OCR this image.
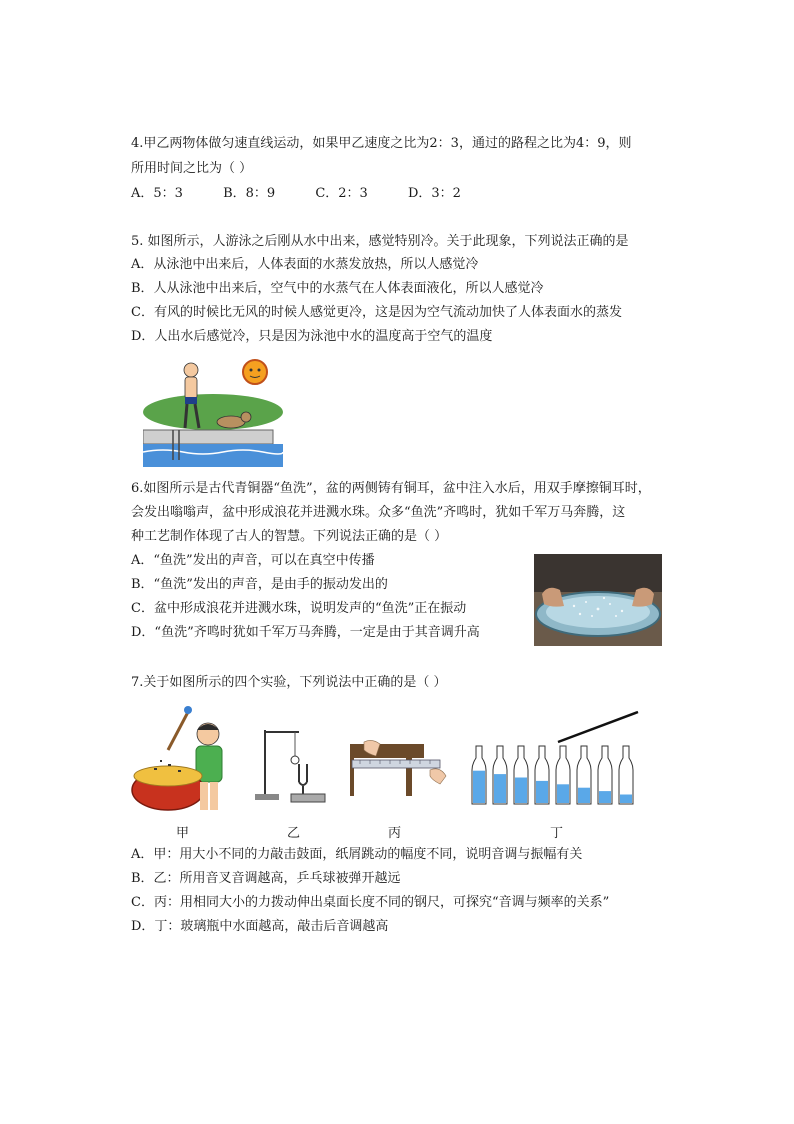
4.甲乙两物体做匀速直线运动，如果甲乙速度之比为2：3，通过的路程之比为4：9，则
所用时间之比为（ ）
A．5：3	B．8：9	C．2：3	D．3：2
5. 如图所示，人游泳之后刚从水中出来，感觉特别冷。关于此现象，下列说法正确的是
A．从泳池中出来后，人体表面的水蒸发放热，所以人感觉冷
B．人从泳池中出来后，空气中的水蒸气在人体表面液化，所以人感觉冷
C．有风的时候比无风的时候人感觉更冷，这是因为空气流动加快了人体表面水的蒸发
D．人出水后感觉冷，只是因为泳池中水的温度高于空气的温度
6.如图所示是古代青铜器“鱼洗”，盆的两侧铸有铜耳，盆中注入水后，用双手摩擦铜耳时，
会发出嗡嗡声，盆中形成浪花并进溅水珠。众多“鱼洗”齐鸣时，犹如千军万马奔腾，这
种工艺制作体现了古人的智慧。下列说法正确的是（ ）
A．“鱼洗”发出的声音，可以在真空中传播
B．“鱼洗”发出的声音，是由手的振动发出的
C．盆中形成浪花并进溅水珠，说明发声的“鱼洗”正在振动
D．“鱼洗”齐鸣时犹如千军万马奔腾，一定是由于其音调升高
7.关于如图所示的四个实验，下列说法中正确的是（ ）
甲	乙	丙	丁
A．甲：用大小不同的力敲击鼓面，纸屑跳动的幅度不同，说明音调与振幅有关
B．乙：所用音叉音调越高，乒乓球被弹开越远
C．丙：用相同大小的力拨动伸出桌面长度不同的钢尺，可探究“音调与频率的关系”
D．丁：玻璃瓶中水面越高，敲击后音调越高
